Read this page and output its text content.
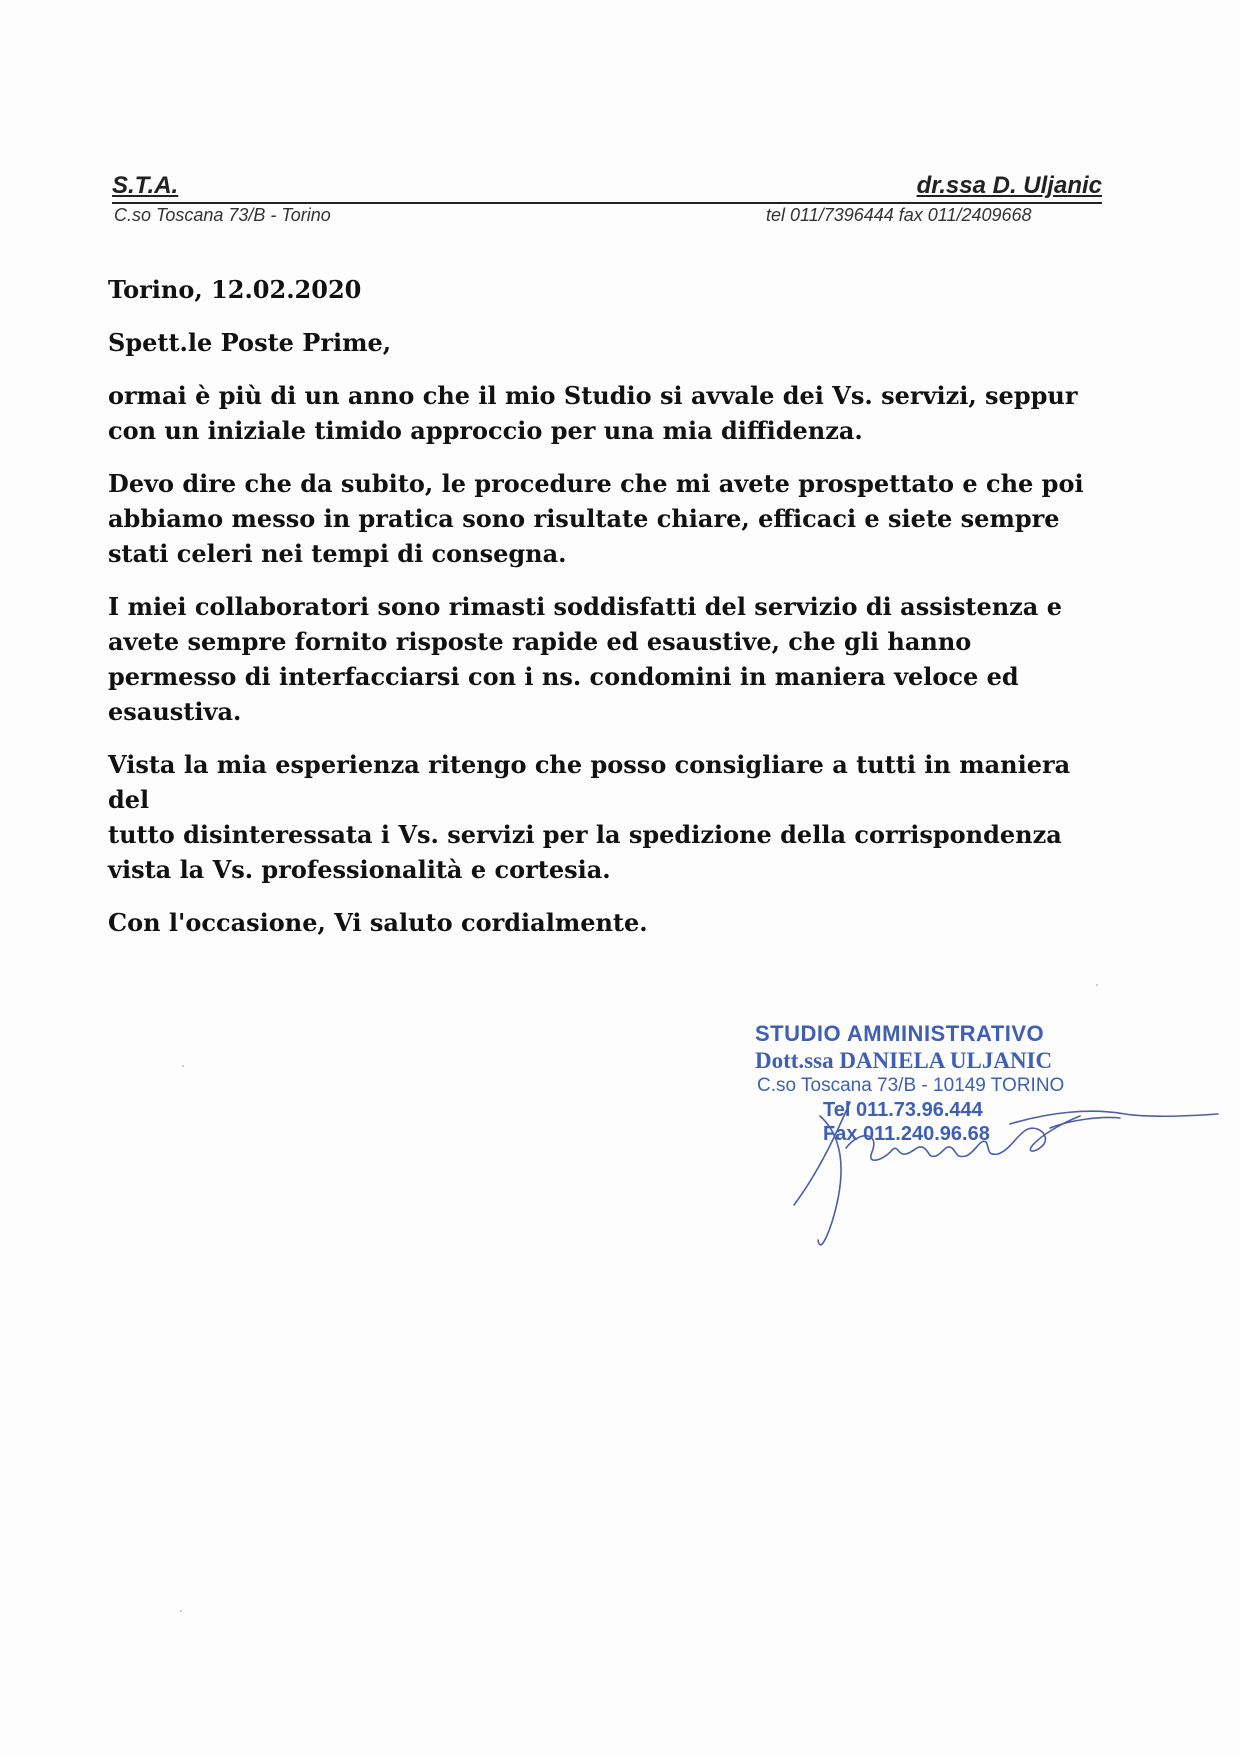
S.T.A.	dr.ssa D. Uljanic
C.so Toscana 73/B - Torino	tel 011/7396444 fax 011/2409668

Torino, 12.02.2020

Spett.le Poste Prime,

ormai è più di un anno che il mio Studio si avvale dei Vs. servizi, seppur
con un iniziale timido approccio per una mia diffidenza.

Devo dire che da subito, le procedure che mi avete prospettato e che poi
abbiamo messo in pratica sono risultate chiare, efficaci e siete sempre
stati celeri nei tempi di consegna.

I miei collaboratori sono rimasti soddisfatti del servizio di assistenza e
avete sempre fornito risposte rapide ed esaustive, che gli hanno
permesso di interfacciarsi con i ns. condomini in maniera veloce ed
esaustiva.

Vista la mia esperienza ritengo che posso consigliare a tutti in maniera del
tutto disinteressata i Vs. servizi per la spedizione della corrispondenza
vista la Vs. professionalità e cortesia.

Con l'occasione, Vi saluto cordialmente.

STUDIO AMMINISTRATIVO
Dott.ssa DANIELA ULJANIC
C.so Toscana 73/B - 10149 TORINO
Tel 011.73.96.444
Fax 011.240.96.68
